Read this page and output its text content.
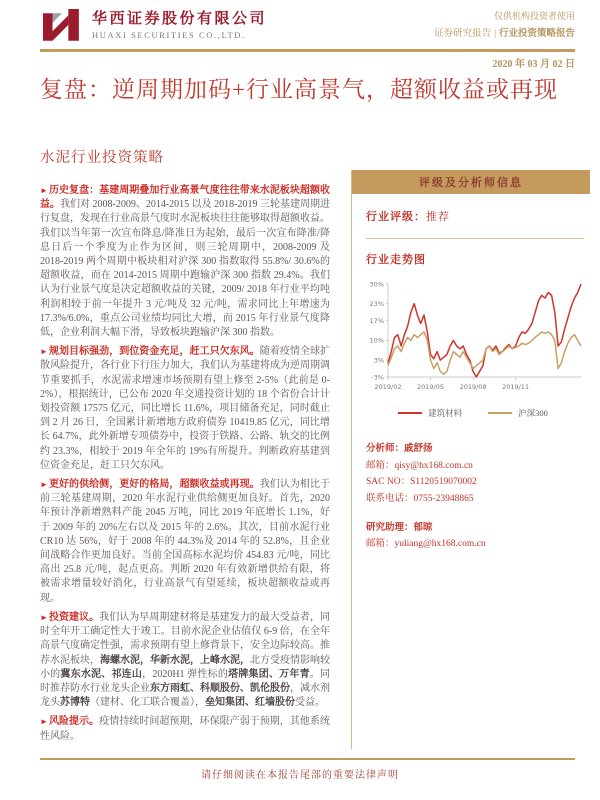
华西证券股份有限公司
HUAXI SECURITIES CO.,LTD.
仅供机构投资者使用
证券研究报告 | 行业投资策略报告
2020 年 03 月 02 日
复盘：逆周期加码+行业高景气，超额收益或再现
水泥行业投资策略

►历史复盘：基建周期叠加行业高景气度往往带来水泥板块超额收益。我们对 2008-2009、2014-2015 以及 2018-2019 三轮基建周期进行复盘，发现在行业高景气度时水泥板块往往能够取得超额收益。我们以当年第一次宣布降息/降准日为起始，最后一次宣布降准/降息日后一个季度为止作为区间，则三轮周期中，2008-2009 及 2018-2019 两个周期中板块相对沪深 300 指数取得 55.8%/ 30.6%的超额收益，而在 2014-2015 周期中跑输沪深 300 指数 29.4%。我们认为行业景气度是决定超额收益的关键，2009/ 2018 年行业平均吨利润相较于前一年提升 3 元/吨及 32 元/吨，需求同比上年增速为 17.3%/6.0%，重点公司业绩均同比大增，而 2015 年行业景气度降低，企业利润大幅下滑，导致板块跑输沪深 300 指数。

►规划目标强劲，到位资金充足，赶工只欠东风。随着疫情全球扩散风险提升，各行业下行压力加大，我们认为基建将成为逆周期调节重要抓手，水泥需求增速市场预期有望上修至 2-5%（此前是 0-2%），根据统计，已公布 2020 年交通投资计划的 18 个省份合计计划投资额 17575 亿元，同比增长 11.6%，项目储备充足，同时截止到 2 月 26 日，全国累计新增地方政府债券 10419.85 亿元，同比增长 64.7%，此外新增专项债券中，投资于铁路、公路、轨交的比例约 23.3%，相较于 2019 年全年的 19%有所提升。判断政府基建到位资金充足，赶工只欠东风。

►更好的供给侧，更好的格局，超额收益或再现。我们认为相比于前三轮基建周期，2020 年水泥行业供给侧更加良好。首先，2020 年预计净新增熟料产能 2045 万吨，同比 2019 年底增长 1.1%，好于 2009 年的 20%左右以及 2015 年的 2.6%。其次，目前水泥行业 CR10 达 56%，好于 2008 年的 44.3%及 2014 年的 52.8%，且企业间战略合作更加良好。当前全国高标水泥均价 454.83 元/吨，同比高出 25.8 元/吨，起点更高。判断 2020 年有效新增供给有限，将被需求增量较好消化，行业高景气有望延续，板块超额收益或再现。

►投资建议。我们认为早周期建材将是基建发力的最大受益者，同时全年开工确定性大于竣工。目前水泥企业估值仅 6-9 倍，在全年高景气度确定性强，需求预期有望上修背景下，安全边际较高。推荐水泥板块，海螺水泥，华新水泥，上峰水泥，北方受疫情影响较小的冀东水泥、祁连山，2020H1 弹性标的塔牌集团、万年青。同时推荐防水行业龙头企业东方雨虹、科顺股份、凯伦股份，减水剂龙头苏博特（建材、化工联合覆盖），垒知集团、红墙股份受益。

►风险提示。疫情持续时间超预期，环保限产弱于预期，其他系统性风险。

评级及分析师信息
行业评级：推荐
行业走势图
30%
23%
17%
10%
3%
-3%
2019/02 2019/05 2019/08 2019/11
建筑材料	沪深300
分析师：戚舒扬
邮箱：qisy@hx168.com.cn
SAC NO：S1120519070002
联系电话：0755-23948865
研究助理：郁晾
邮箱：yuliang@hx168.com.cn
请仔细阅读在本报告尾部的重要法律声明
